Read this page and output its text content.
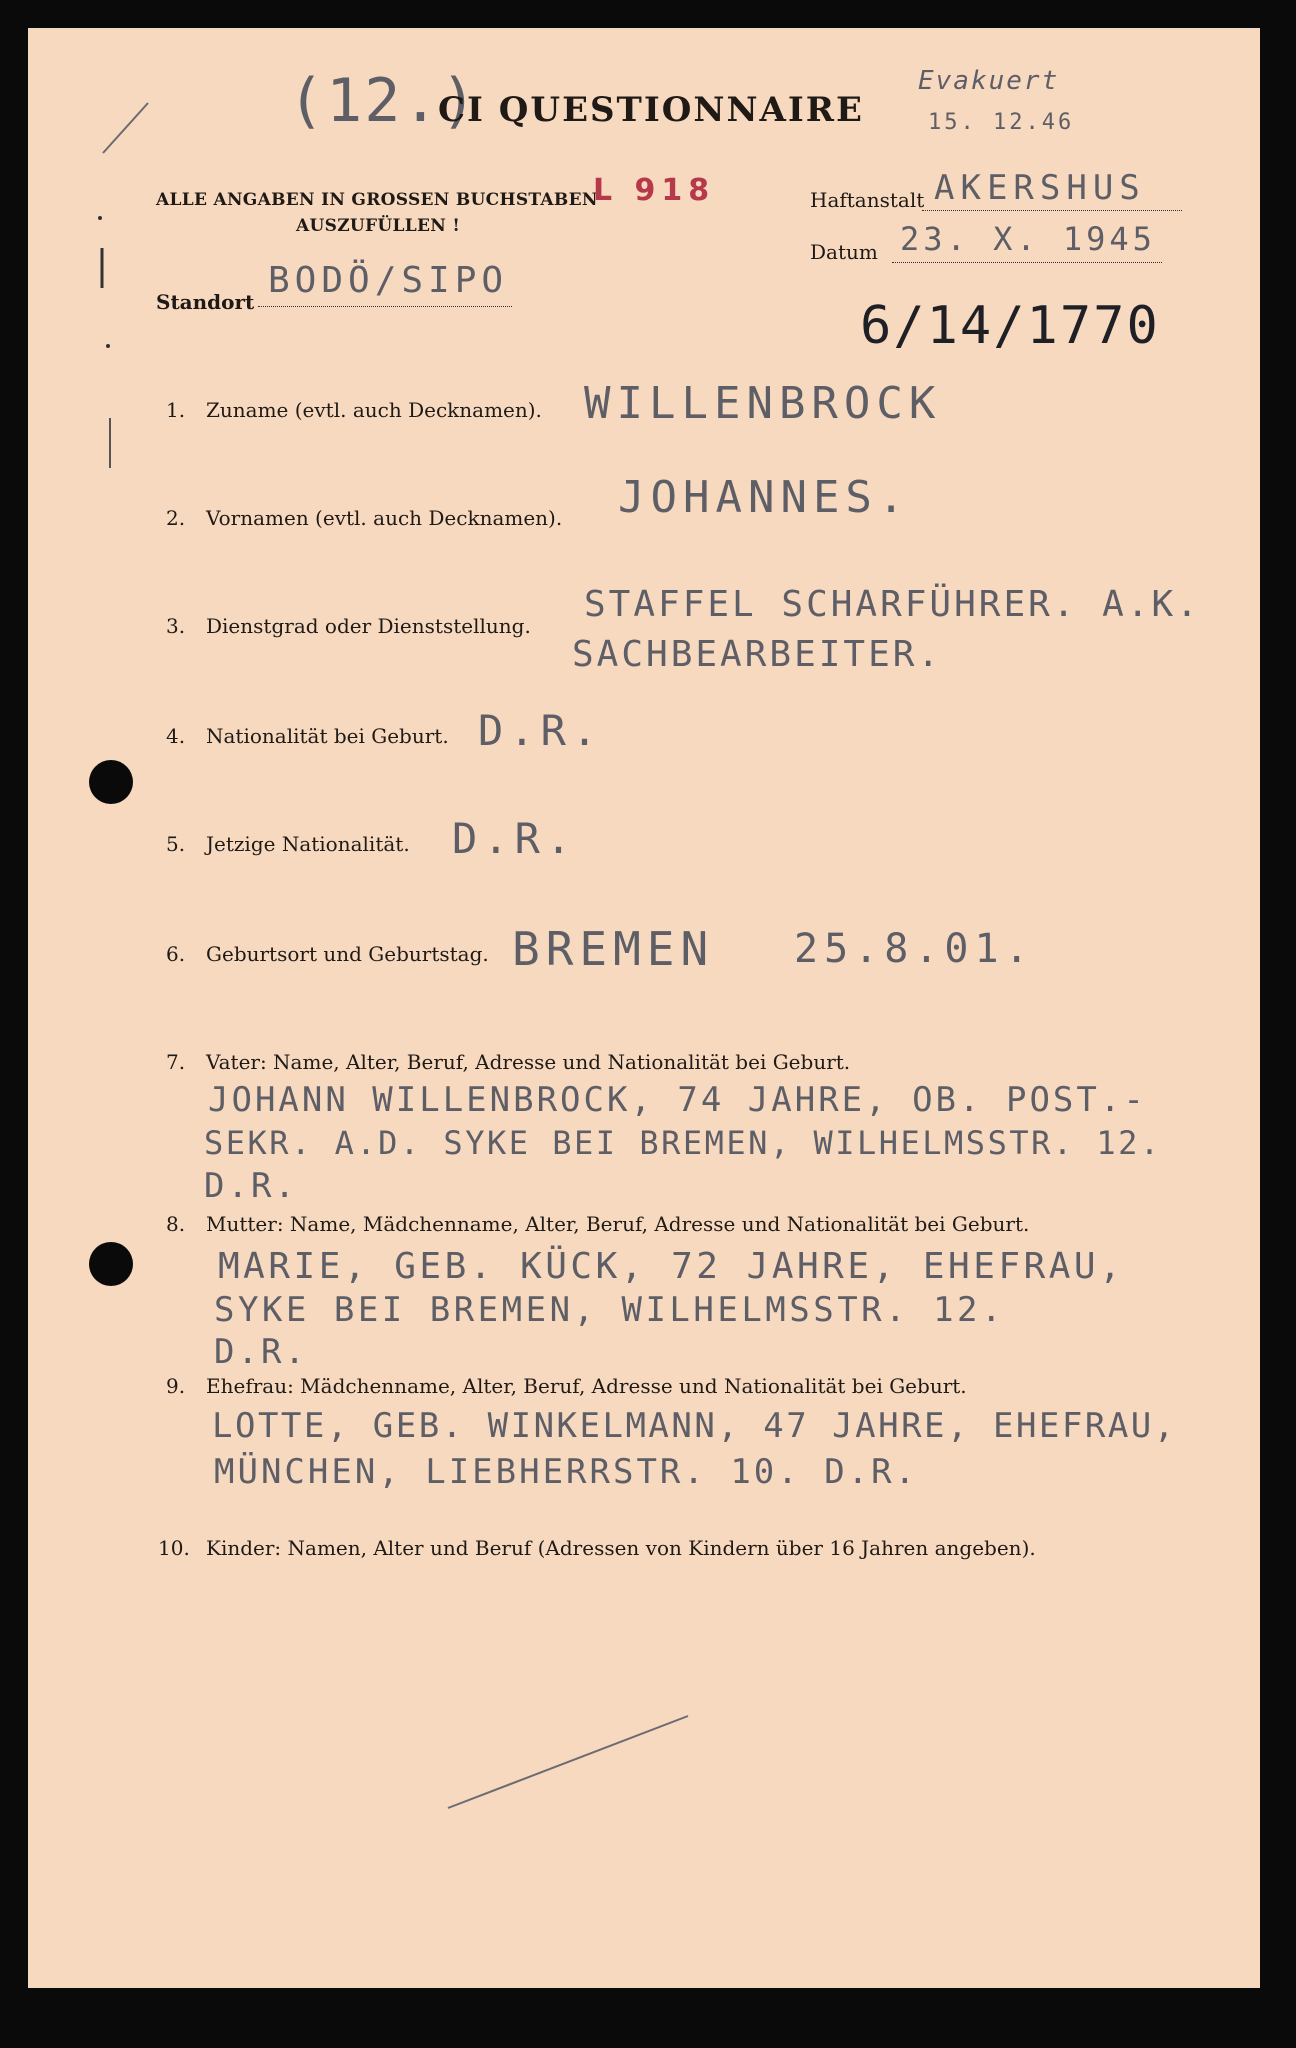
(12.)
CI QUESTIONNAIRE
Evakuert
15. 12.46
ALLE ANGABEN IN GROSSEN BUCHSTABEN
AUSZUFÜLLEN !
L 918	Haftanstalt AKERSHUS
Datum 23. X. 1945
Standort
BODÖ/SIPO
6/14/1770
1. Zuname (evtl. auch Decknamen). WILLENBROCK
2. Vornamen (evtl. auch Decknamen). JOHANNES.
3. Dienstgrad oder Dienststellung.
STAFFEL SCHARFÜHRER. A.K.
SACHBEARBEITER.
4. Nationalität bei Geburt. D.R.
5. Jetzige Nationalität. D.R.
6. Geburtsort und Geburtstag. BREMEN 25.8.01.
7. Vater: Name, Alter, Beruf, Adresse und Nationalität bei Geburt.
JOHANN WILLENBROCK, 74 JAHRE, OB. POST.-
SEKR. A.D. SYKE BEI BREMEN, WILHELMSSTR. 12.
D.R.
8. Mutter: Name, Mädchenname, Alter, Beruf, Adresse und Nationalität bei Geburt.
MARIE, GEB. KÜCK, 72 JAHRE, EHEFRAU,
SYKE BEI BREMEN, WILHELMSSTR. 12.
D.R.
9. Ehefrau: Mädchenname, Alter, Beruf, Adresse und Nationalität bei Geburt.
LOTTE, GEB. WINKELMANN, 47 JAHRE, EHEFRAU,
MÜNCHEN, LIEBHERRSTR. 10. D.R.
10. Kinder: Namen, Alter und Beruf (Adressen von Kindern über 16 Jahren angeben).
